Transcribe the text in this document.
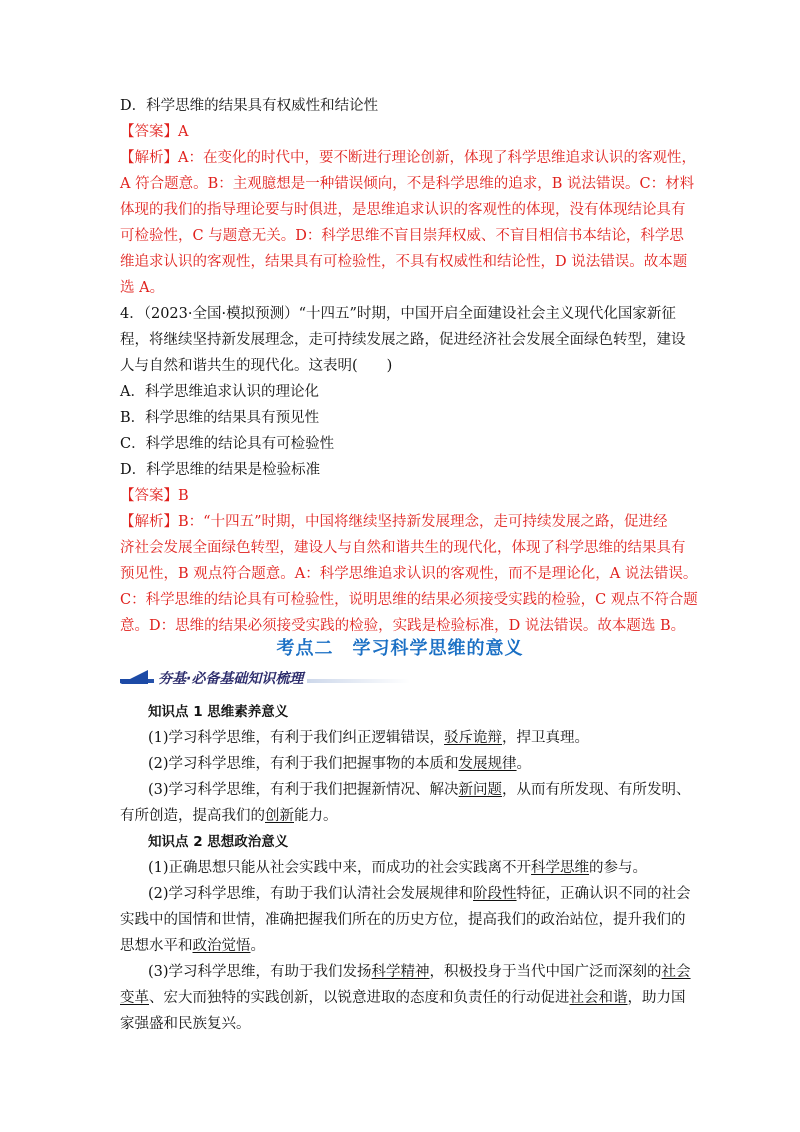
D．科学思维的结果具有权威性和结论性
【答案】A
【解析】A：在变化的时代中，要不断进行理论创新，体现了科学思维追求认识的客观性，
A 符合题意。B：主观臆想是一种错误倾向，不是科学思维的追求，B 说法错误。C：材料
体现的我们的指导理论要与时俱进，是思维追求认识的客观性的体现，没有体现结论具有
可检验性，C 与题意无关。D：科学思维不盲目崇拜权威、不盲目相信书本结论，科学思
维追求认识的客观性，结果具有可检验性，不具有权威性和结论性，D 说法错误。故本题
选 A。
4．（2023·全国·模拟预测）“十四五”时期，中国开启全面建设社会主义现代化国家新征
程，将继续坚持新发展理念，走可持续发展之路，促进经济社会发展全面绿色转型，建设
人与自然和谐共生的现代化。这表明(　　)
A．科学思维追求认识的理论化
B．科学思维的结果具有预见性
C．科学思维的结论具有可检验性
D．科学思维的结果是检验标准
【答案】B
【解析】B：“十四五”时期，中国将继续坚持新发展理念，走可持续发展之路，促进经
济社会发展全面绿色转型，建设人与自然和谐共生的现代化，体现了科学思维的结果具有
预见性，B 观点符合题意。A：科学思维追求认识的客观性，而不是理论化，A 说法错误。
C：科学思维的结论具有可检验性，说明思维的结果必须接受实践的检验，C 观点不符合题
意。D：思维的结果必须接受实践的检验，实践是检验标准，D 说法错误。故本题选 B。
考点二　学习科学思维的意义
夯基·必备基础知识梳理
知识点 1 思维素养意义
(1)学习科学思维，有利于我们纠正逻辑错误，驳斥诡辩，捍卫真理。
(2)学习科学思维，有利于我们把握事物的本质和发展规律。
(3)学习科学思维，有利于我们把握新情况、解决新问题，从而有所发现、有所发明、
有所创造，提高我们的创新能力。
知识点 2 思想政治意义
(1)正确思想只能从社会实践中来，而成功的社会实践离不开科学思维的参与。
(2)学习科学思维，有助于我们认清社会发展规律和阶段性特征，正确认识不同的社会
实践中的国情和世情，准确把握我们所在的历史方位，提高我们的政治站位，提升我们的
思想水平和政治觉悟。
(3)学习科学思维，有助于我们发扬科学精神，积极投身于当代中国广泛而深刻的社会
变革、宏大而独特的实践创新，以锐意进取的态度和负责任的行动促进社会和谐，助力国
家强盛和民族复兴。
